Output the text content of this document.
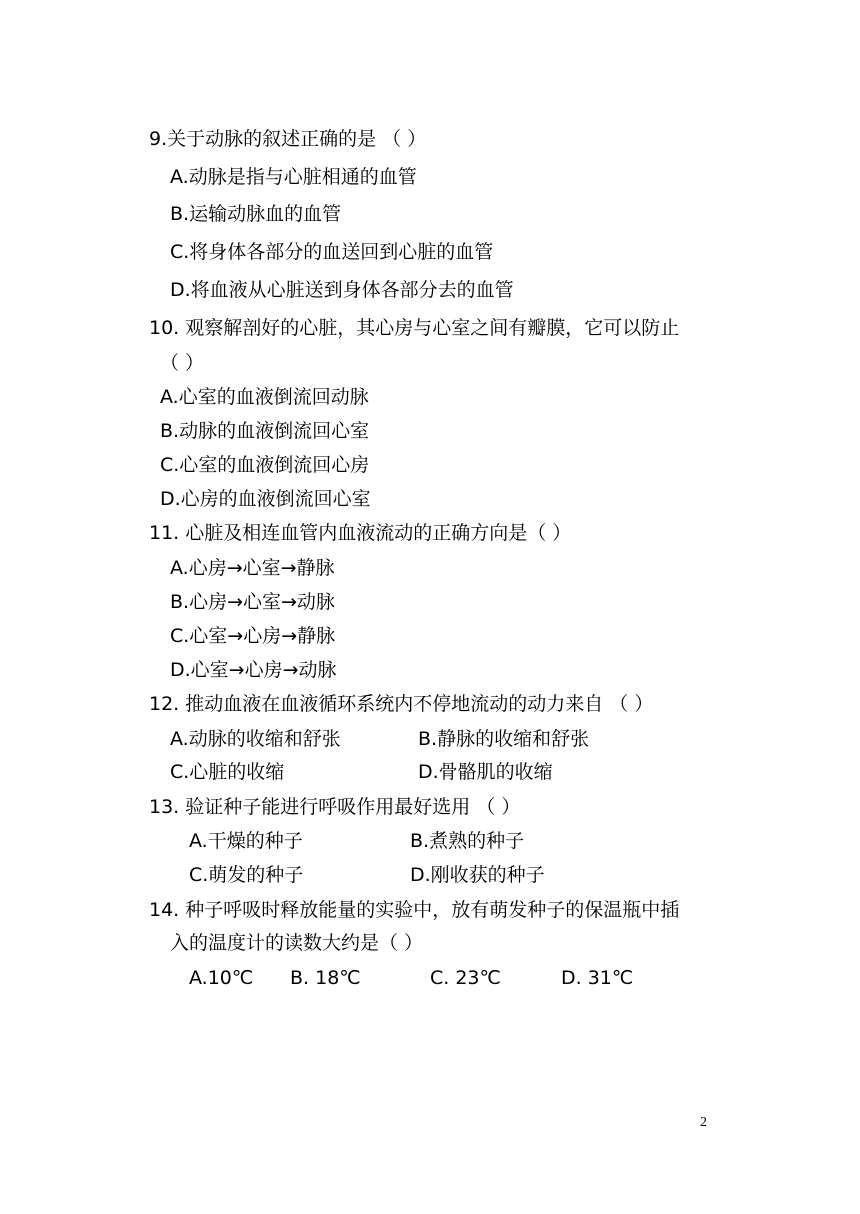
9.关于动脉的叙述正确的是 （ ）
A.动脉是指与心脏相通的血管
B.运输动脉血的血管
C.将身体各部分的血送回到心脏的血管
D.将血液从心脏送到身体各部分去的血管
10. 观察解剖好的心脏，其心房与心室之间有瓣膜，它可以防止
（ ）
A.心室的血液倒流回动脉
B.动脉的血液倒流回心室
C.心室的血液倒流回心房
D.心房的血液倒流回心室
11. 心脏及相连血管内血液流动的正确方向是（ ）
A.心房→心室→静脉
B.心房→心室→动脉
C.心室→心房→静脉
D.心室→心房→动脉
12. 推动血液在血液循环系统内不停地流动的动力来自 （ ）
A.动脉的收缩和舒张	B.静脉的收缩和舒张
C.心脏的收缩	D.骨骼肌的收缩
13. 验证种子能进行呼吸作用最好选用 （ ）
A.干燥的种子	B.煮熟的种子
C.萌发的种子	D.刚收获的种子
14. 种子呼吸时释放能量的实验中，放有萌发种子的保温瓶中插
入的温度计的读数大约是（ ）
A.10℃ B. 18℃	C. 23℃	D. 31℃
2
